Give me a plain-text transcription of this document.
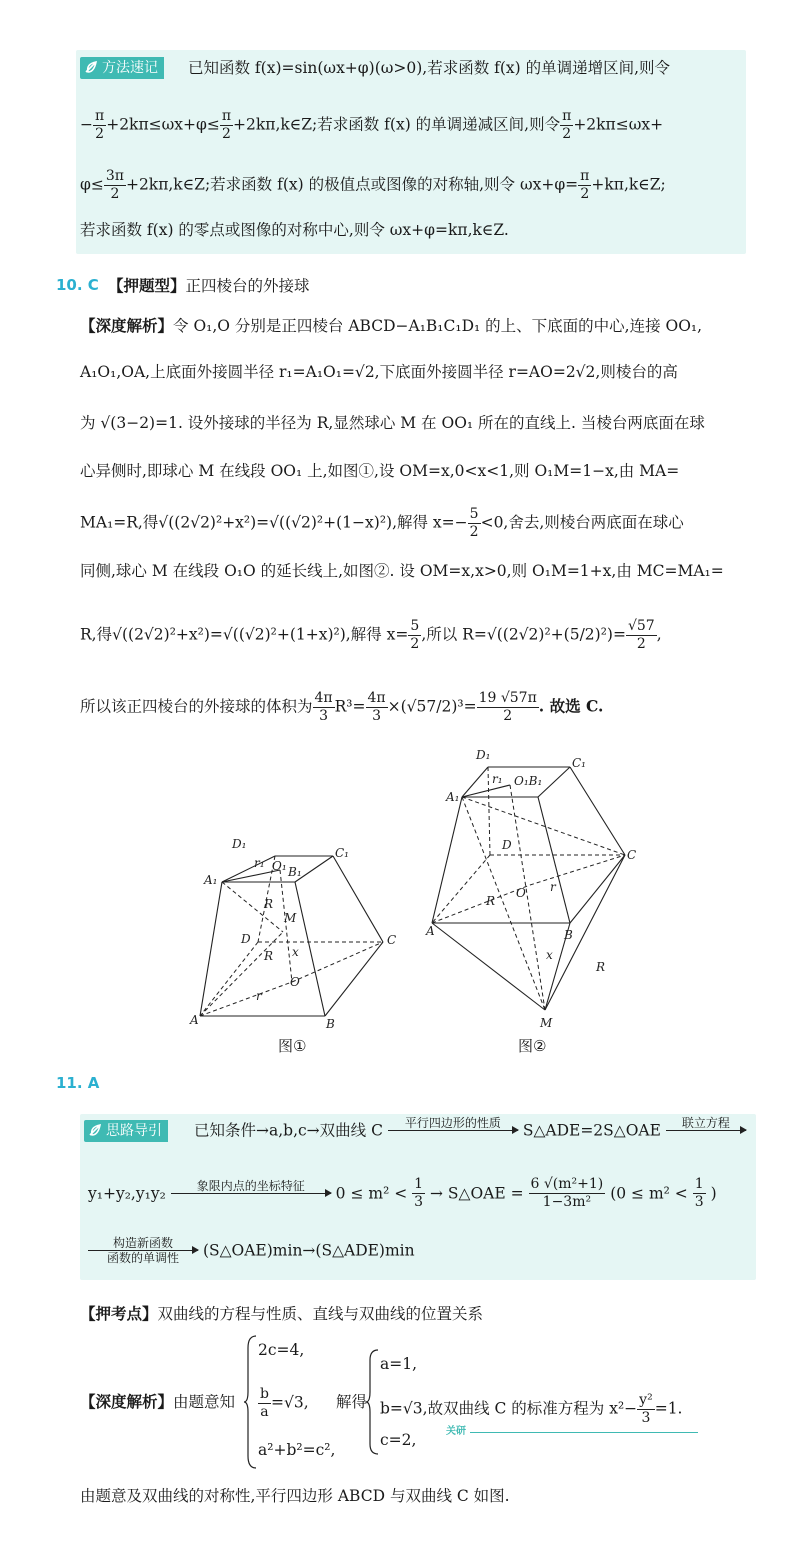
方法速记	已知函数 f(x)=sin(ωx+φ)(ω>0),若求函数 f(x) 的单调递增区间,则令
− $\frac{\pi}{2} +2k\pi\le\omega x+\varphi\le \frac{\pi}{2}$ +2kπ,k∈Z;若求函数 f(x) 的单调递减区间,则令 $\frac{\pi}{2} +2k\pi\le\omega x+$
$\varphi\le \frac{3\pi}{2}$ +2kπ,k∈Z;若求函数 f(x) 的极值点或图像的对称轴,则令 $\omega x+\varphi= \frac{\pi}{2}$ +kπ,k∈Z;
若求函数 f(x) 的零点或图像的对称中心,则令 ωx+φ=kπ,k∈Z.
10. C 【押题型】正四棱台的外接球
【深度解析】令 O₁,O 分别是正四棱台 ABCD−A₁B₁C₁D₁ 的上、下底面的中心,连接 OO₁,
A₁O₁,OA,上底面外接圆半径 r₁=A₁O₁=√2,下底面外接圆半径 r=AO=2√2,则棱台的高
为 √(3−2)=1. 设外接球的半径为 R,显然球心 M 在 OO₁ 所在的直线上. 当棱台两底面在球
心异侧时,即球心 M 在线段 OO₁ 上,如图①,设 OM=x,0<x<1,则 O₁M=1−x,由 MA=
MA₁=R,得√((2√2)²+x²)=√((√2)²+(1−x)²),解得 $x=- \frac{5}{2} <0$,舍去,则棱台两底面在球心
同侧,球心 M 在线段 O₁O 的延长线上,如图②. 设 OM=x,x>0,则 O₁M=1+x,由 MC=MA₁=
R,得√((2√2)²+x²)=√((√2)²+(1+x)²),解得 $x= \frac{5}{2}$ ,所以 $R=√((2√2)^2+(5/2)^2)= \frac{√57}{2}$ ,
所以该正四棱台的外接球的体积为 $\frac{4\pi}{3} R^3= \frac{4\pi}{3} \times(√57/2)^3= \frac{19 √57\pi}{2}$ . 故选 C.
D₁
C₁
A₁
B₁
O₁
r₁
R
M
D	C
x
R
O
r
A	B
图①
D₁
C₁
A₁
r₁ O₁B₁
D
C
R
O r
A	B
x
R
M
图②
11. A
思路导引	已知条件→a,b,c→双曲线 C	平行四边形的性质
	S△ADE=2S△OAE	联立方程

y₁+y₂,y₁y₂	象限内点的坐标特征
	$0 \le m^2 < \frac{1}{3}$ → S△OAE = $\frac{\text{6 √(m²+1)}}{\text{1−3m²}} (0 \le m^2 < \frac{1}{3}$ )
构造新函数
函数的单调性	(S△OAE)min→(S△ADE)min
【押考点】双曲线的方程与性质、直线与双曲线的位置关系
【深度解析】由题意知
2c=4,
$\frac{b}{a} =√3$,
a²+b²=c²,
解得
a=1,
b=√3,故双曲线 C 的标准方程为 $x^2- \frac{\text{y²}}{3} =1$.
c=2,	关研
由题意及双曲线的对称性,平行四边形 ABCD 与双曲线 C 如图.
